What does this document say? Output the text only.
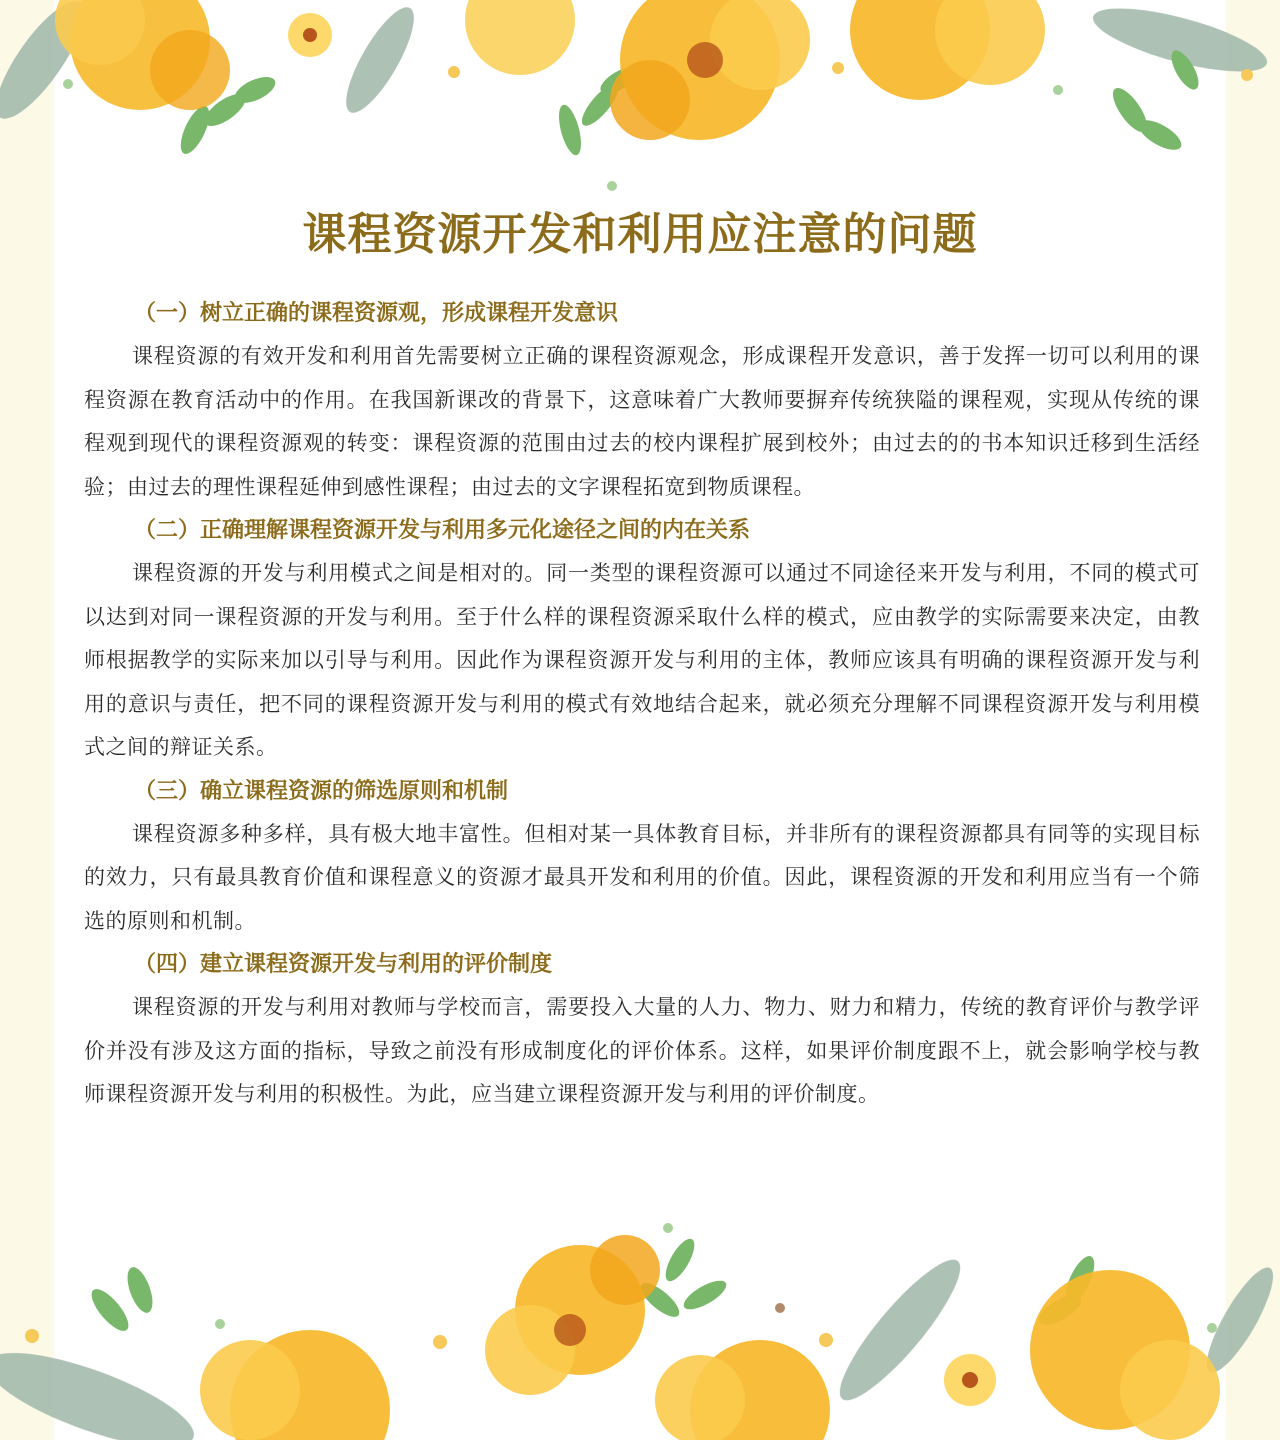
课程资源开发和利用应注意的问题
（一）树立正确的课程资源观，形成课程开发意识

课程资源的有效开发和利用首先需要树立正确的课程资源观念，形成课程开发意识，善于发挥一切可以利用的课程资源在教育活动中的作用。在我国新课改的背景下，这意味着广大教师要摒弃传统狭隘的课程观，实现从传统的课程观到现代的课程资源观的转变：课程资源的范围由过去的校内课程扩展到校外；由过去的的书本知识迁移到生活经验；由过去的理性课程延伸到感性课程；由过去的文字课程拓宽到物质课程。

（二）正确理解课程资源开发与利用多元化途径之间的内在关系

课程资源的开发与利用模式之间是相对的。同一类型的课程资源可以通过不同途径来开发与利用，不同的模式可以达到对同一课程资源的开发与利用。至于什么样的课程资源采取什么样的模式，应由教学的实际需要来决定，由教师根据教学的实际来加以引导与利用。因此作为课程资源开发与利用的主体，教师应该具有明确的课程资源开发与利用的意识与责任，把不同的课程资源开发与利用的模式有效地结合起来，就必须充分理解不同课程资源开发与利用模式之间的辩证关系。

（三）确立课程资源的筛选原则和机制

课程资源多种多样，具有极大地丰富性。但相对某一具体教育目标，并非所有的课程资源都具有同等的实现目标的效力，只有最具教育价值和课程意义的资源才最具开发和利用的价值。因此，课程资源的开发和利用应当有一个筛选的原则和机制。

（四）建立课程资源开发与利用的评价制度

课程资源的开发与利用对教师与学校而言，需要投入大量的人力、物力、财力和精力，传统的教育评价与教学评价并没有涉及这方面的指标，导致之前没有形成制度化的评价体系。这样，如果评价制度跟不上，就会影响学校与教师课程资源开发与利用的积极性。为此，应当建立课程资源开发与利用的评价制度。
